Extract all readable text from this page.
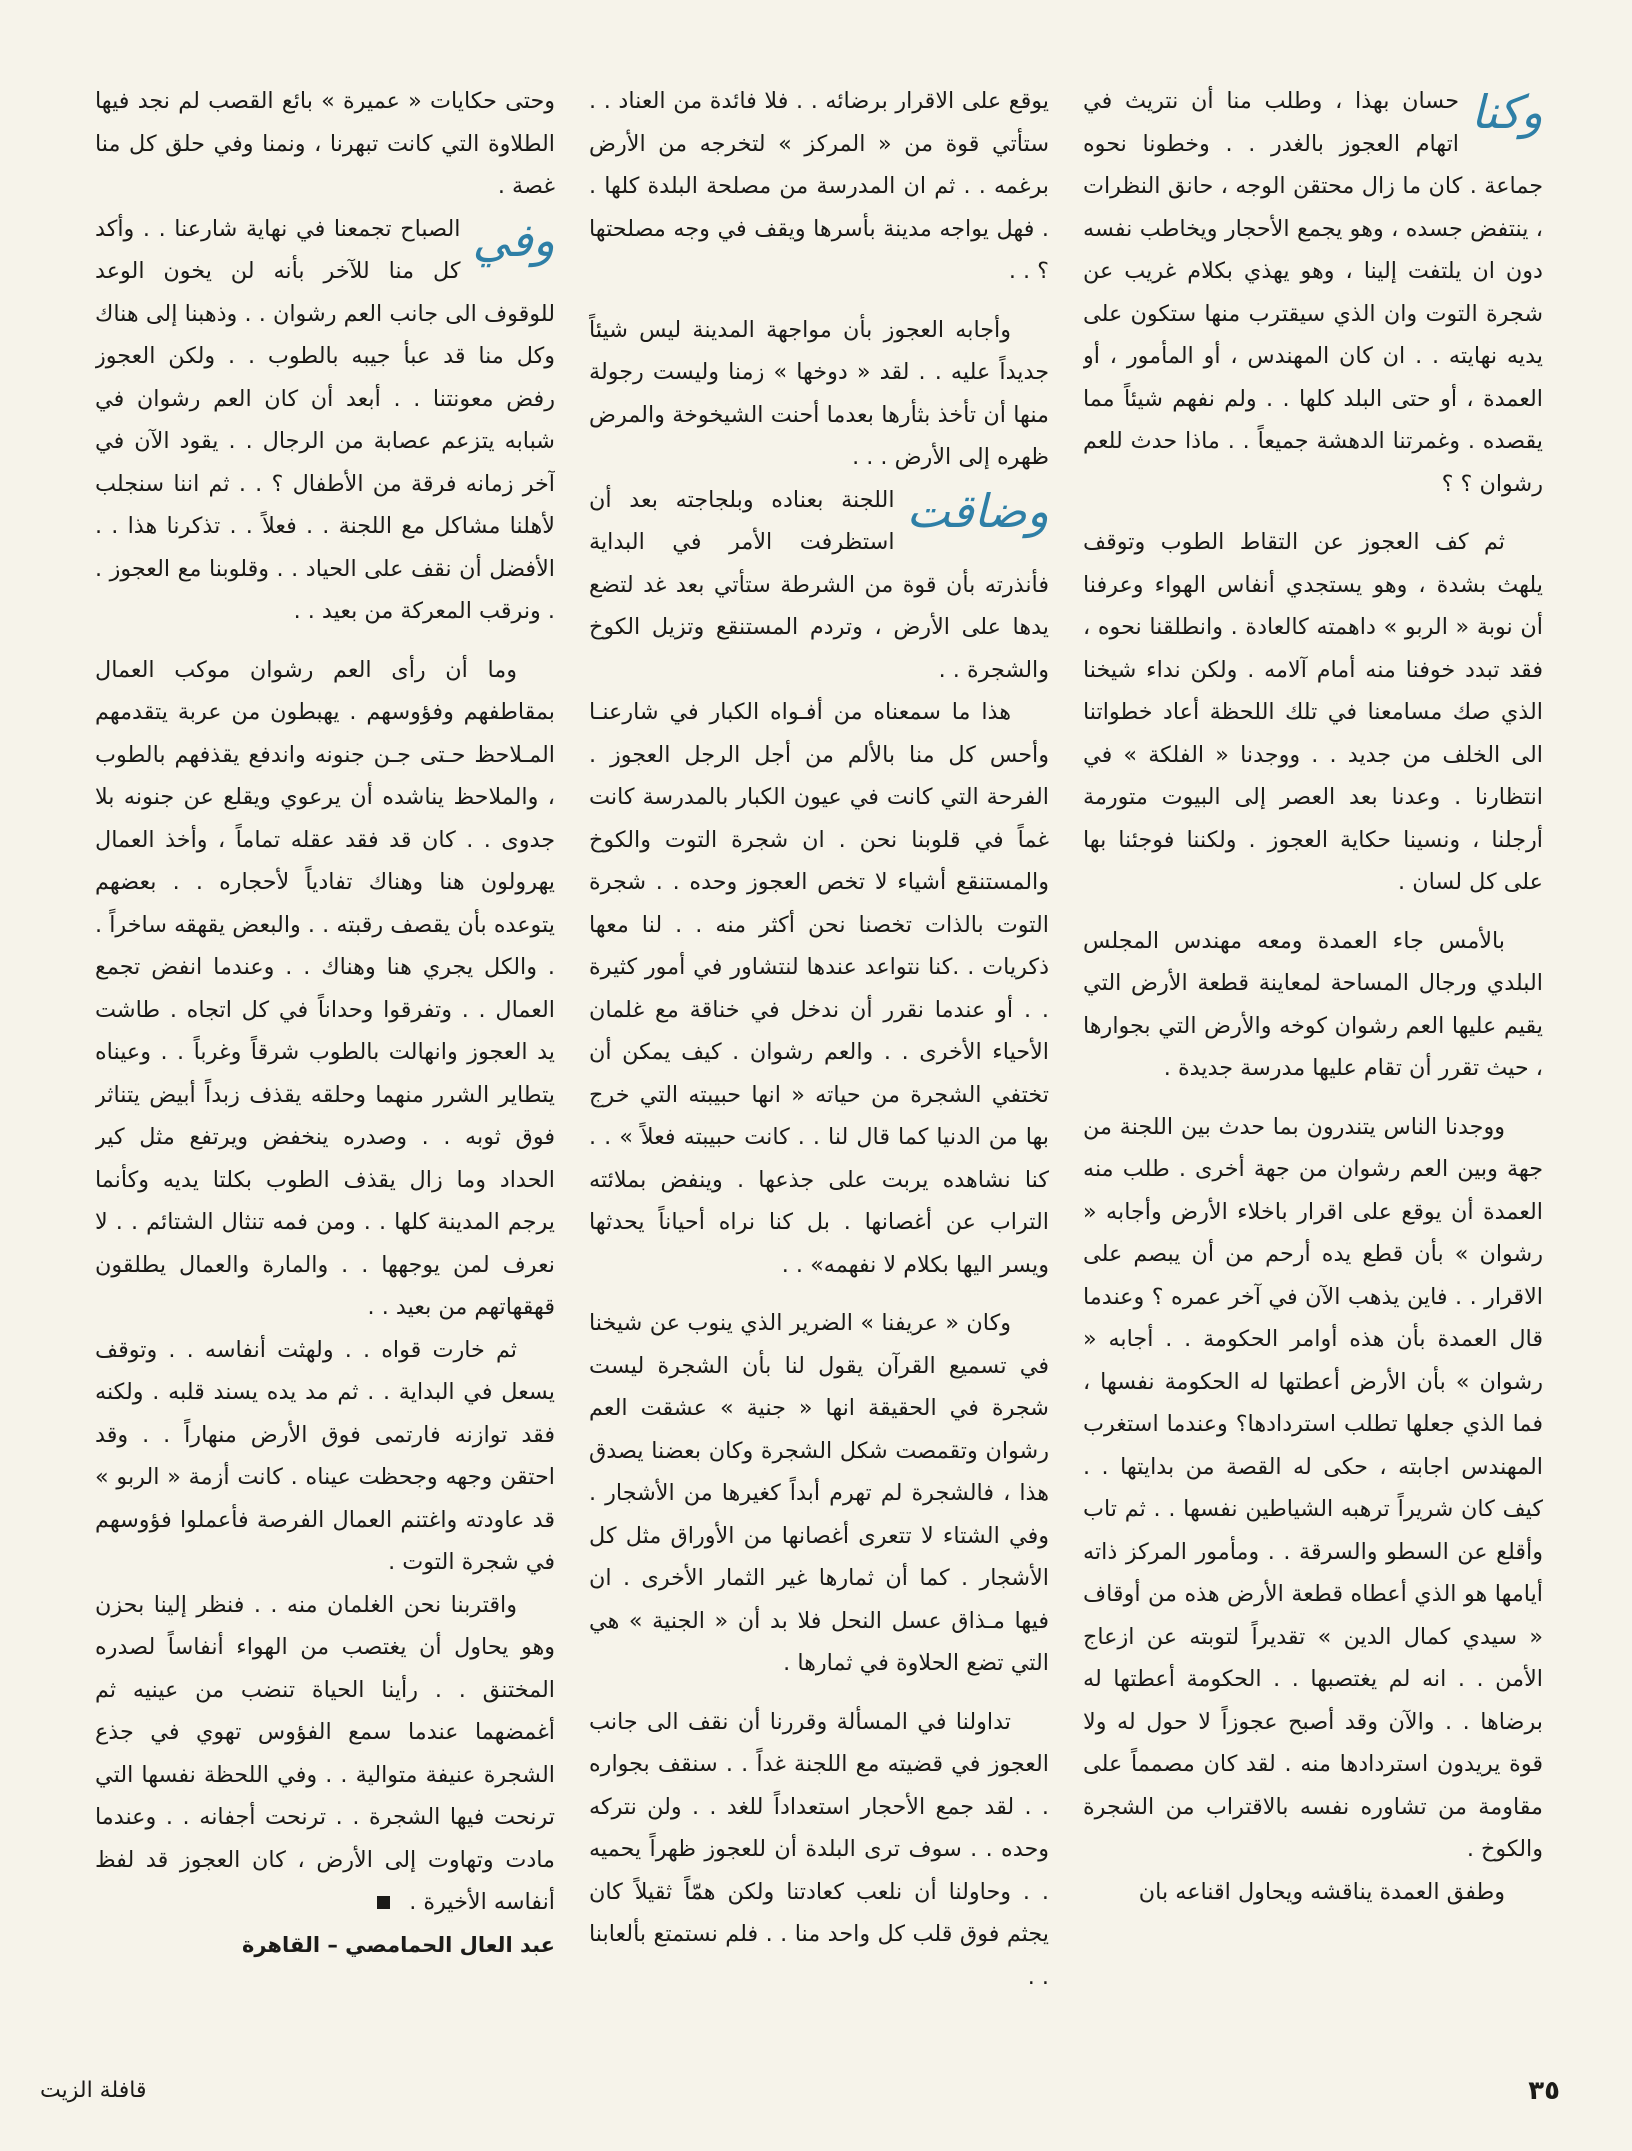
وكنا

حسان بهذا ، وطلب منا أن نتريث في اتهام العجوز بالغدر . . وخطونا نحوه جماعة . كان ما زال محتقن الوجه ، حانق النظرات ، ينتفض جسده ، وهو يجمع الأحجار ويخاطب نفسه دون ان يلتفت إلينا ، وهو يهذي بكلام غريب عن شجرة التوت وان الذي سيقترب منها ستكون على يديه نهايته . . ان كان المهندس ، أو المأمور ، أو العمدة ، أو حتى البلد كلها . . ولم نفهم شيئاً مما يقصده . وغمرتنا الدهشة جميعاً . . ماذا حدث للعم رشوان ؟ ؟

ثم كف العجوز عن التقاط الطوب وتوقف يلهث بشدة ، وهو يستجدي أنفاس الهواء وعرفنا أن نوبة « الربو » داهمته كالعادة . وانطلقنا نحوه ، فقد تبدد خوفنا منه أمام آلامه . ولكن نداء شيخنا الذي صك مسامعنا في تلك اللحظة أعاد خطواتنا الى الخلف من جديد . . ووجدنا « الفلكة » في انتظارنا . وعدنا بعد العصر إلى البيوت متورمة أرجلنا ، ونسينا حكاية العجوز . ولكننا فوجئنا بها على كل لسان .

بالأمس جاء العمدة ومعه مهندس المجلس البلدي ورجال المساحة لمعاينة قطعة الأرض التي يقيم عليها العم رشوان كوخه والأرض التي بجوارها ، حيث تقرر أن تقام عليها مدرسة جديدة .

ووجدنا الناس يتندرون بما حدث بين اللجنة من جهة وبين العم رشوان من جهة أخرى . طلب منه العمدة أن يوقع على اقرار باخلاء الأرض وأجابه « رشوان » بأن قطع يده أرحم من أن يبصم على الاقرار . . فاين يذهب الآن في آخر عمره ؟ وعندما قال العمدة بأن هذه أوامر الحكومة . . أجابه « رشوان » بأن الأرض أعطتها له الحكومة نفسها ، فما الذي جعلها تطلب استردادها؟ وعندما استغرب المهندس اجابته ، حكى له القصة من بدايتها . . كيف كان شريراً ترهبه الشياطين نفسها . . ثم تاب وأقلع عن السطو والسرقة . . ومأمور المركز ذاته أيامها هو الذي أعطاه قطعة الأرض هذه من أوقاف « سيدي كمال الدين » تقديراً لتوبته عن ازعاج الأمن . . انه لم يغتصبها . . الحكومة أعطتها له برضاها . . والآن وقد أصبح عجوزاً لا حول له ولا قوة يريدون استردادها منه . لقد كان مصمماً على مقاومة من تشاوره نفسه بالاقتراب من الشجرة والكوخ .

وطفق العمدة يناقشه ويحاول اقناعه بان

يوقع على الاقرار برضائه . . فلا فائدة من العناد . . ستأتي قوة من « المركز » لتخرجه من الأرض برغمه . . ثم ان المدرسة من مصلحة البلدة كلها . . فهل يواجه مدينة بأسرها ويقف في وجه مصلحتها ؟ . .

وأجابه العجوز بأن مواجهة المدينة ليس شيئاً جديداً عليه . . لقد « دوخها » زمنا وليست رجولة منها أن تأخذ بثأرها بعدما أحنت الشيخوخة والمرض ظهره إلى الأرض . . .

وضاقت

اللجنة بعناده وبلجاجته بعد أن استظرفت الأمر في البداية فأنذرته بأن قوة من الشرطة ستأتي بعد غد لتضع يدها على الأرض ، وتردم المستنقع وتزيل الكوخ والشجرة . .

هذا ما سمعناه من أفـواه الكبار في شارعنـا وأحس كل منا بالألم من أجل الرجل العجوز . الفرحة التي كانت في عيون الكبار بالمدرسة كانت غماً في قلوبنا نحن . ان شجرة التوت والكوخ والمستنقع أشياء لا تخص العجوز وحده . . شجرة التوت بالذات تخصنا نحن أكثر منه . . لنا معها ذكريات . .كنا نتواعد عندها لنتشاور في أمور كثيرة . . أو عندما نقرر أن ندخل في خناقة مع غلمان الأحياء الأخرى . . والعم رشوان . كيف يمكن أن تختفي الشجرة من حياته « انها حبيبته التي خرج بها من الدنيا كما قال لنا . . كانت حبيبته فعلاً » . . كنا نشاهده يربت على جذعها . وينفض بملائته التراب عن أغصانها . بل كنا نراه أحياناً يحدثها ويسر اليها بكلام لا نفهمه» . .

وكان « عريفنا » الضرير الذي ينوب عن شيخنا في تسميع القرآن يقول لنا بأن الشجرة ليست شجرة في الحقيقة انها « جنية » عشقت العم رشوان وتقمصت شكل الشجرة وكان بعضنا يصدق هذا ، فالشجرة لم تهرم أبداً كغيرها من الأشجار . وفي الشتاء لا تتعرى أغصانها من الأوراق مثل كل الأشجار . كما أن ثمارها غير الثمار الأخرى . ان فيها مـذاق عسل النحل فلا بد أن « الجنية » هي التي تضع الحلاوة في ثمارها .

تداولنا في المسألة وقررنا أن نقف الى جانب العجوز في قضيته مع اللجنة غداً . . سنقف بجواره . . لقد جمع الأحجار استعداداً للغد . . ولن نتركه وحده . . سوف ترى البلدة أن للعجوز ظهراً يحميه . . وحاولنا أن نلعب كعادتنا ولكن همّاً ثقيلاً كان يجثم فوق قلب كل واحد منا . . فلم نستمتع بألعابنا . .

وحتى حكايات « عميرة » بائع القصب لم نجد فيها الطلاوة التي كانت تبهرنا ، ونمنا وفي حلق كل منا غصة .

وفي

الصباح تجمعنا في نهاية شارعنا . . وأكد كل منا للآخر بأنه لن يخون الوعد للوقوف الى جانب العم رشوان . . وذهبنا إلى هناك وكل منا قد عبأ جيبه بالطوب . . ولكن العجوز رفض معونتنا . . أبعد أن كان العم رشوان في شبابه يتزعم عصابة من الرجال . . يقود الآن في آخر زمانه فرقة من الأطفال ؟ . . ثم اننا سنجلب لأهلنا مشاكل مع اللجنة . . فعلاً . . تذكرنا هذا . . الأفضل أن نقف على الحياد . . وقلوبنا مع العجوز . . ونرقب المعركة من بعيد . .

وما أن رأى العم رشوان موكب العمال بمقاطفهم وفؤوسهم . يهبطون من عربة يتقدمهم المـلاحظ حـتى جـن جنونه واندفع يقذفهم بالطوب ، والملاحظ يناشده أن يرعوي ويقلع عن جنونه بلا جدوى . . كان قد فقد عقله تماماً ، وأخذ العمال يهرولون هنا وهناك تفادياً لأحجاره . . بعضهم يتوعده بأن يقصف رقبته . . والبعض يقهقه ساخراً . . والكل يجري هنا وهناك . . وعندما انفض تجمع العمال . . وتفرقوا وحداناً في كل اتجاه . طاشت يد العجوز وانهالت بالطوب شرقاً وغرباً . . وعيناه يتطاير الشرر منهما وحلقه يقذف زبداً أبيض يتناثر فوق ثوبه . . وصدره ينخفض ويرتفع مثل كير الحداد وما زال يقذف الطوب بكلتا يديه وكأنما يرجم المدينة كلها . . ومن فمه تنثال الشتائم . . لا نعرف لمن يوجهها . . والمارة والعمال يطلقون قهقهاتهم من بعيد . .

ثم خارت قواه . . ولهثت أنفاسه . . وتوقف يسعل في البداية . . ثم مد يده يسند قلبه . ولكنه فقد توازنه فارتمى فوق الأرض منهاراً . . وقد احتقن وجهه وجحظت عيناه . كانت أزمة « الربو » قد عاودته واغتنم العمال الفرصة فأعملوا فؤوسهم في شجرة التوت .

واقتربنا نحن الغلمان منه . . فنظر إلينا بحزن وهو يحاول أن يغتصب من الهواء أنفاساً لصدره المختنق . . رأينا الحياة تنضب من عينيه ثم أغمضهما عندما سمع الفؤوس تهوي في جذع الشجرة عنيفة متوالية . . وفي اللحظة نفسها التي ترنحت فيها الشجرة . . ترنحت أجفانه . . وعندما مادت وتهاوت إلى الأرض ، كان العجوز قد لفظ أنفاسه الأخيرة .

عبد العال الحمامصي – القاهرة

٣٥
قافلة الزيت
